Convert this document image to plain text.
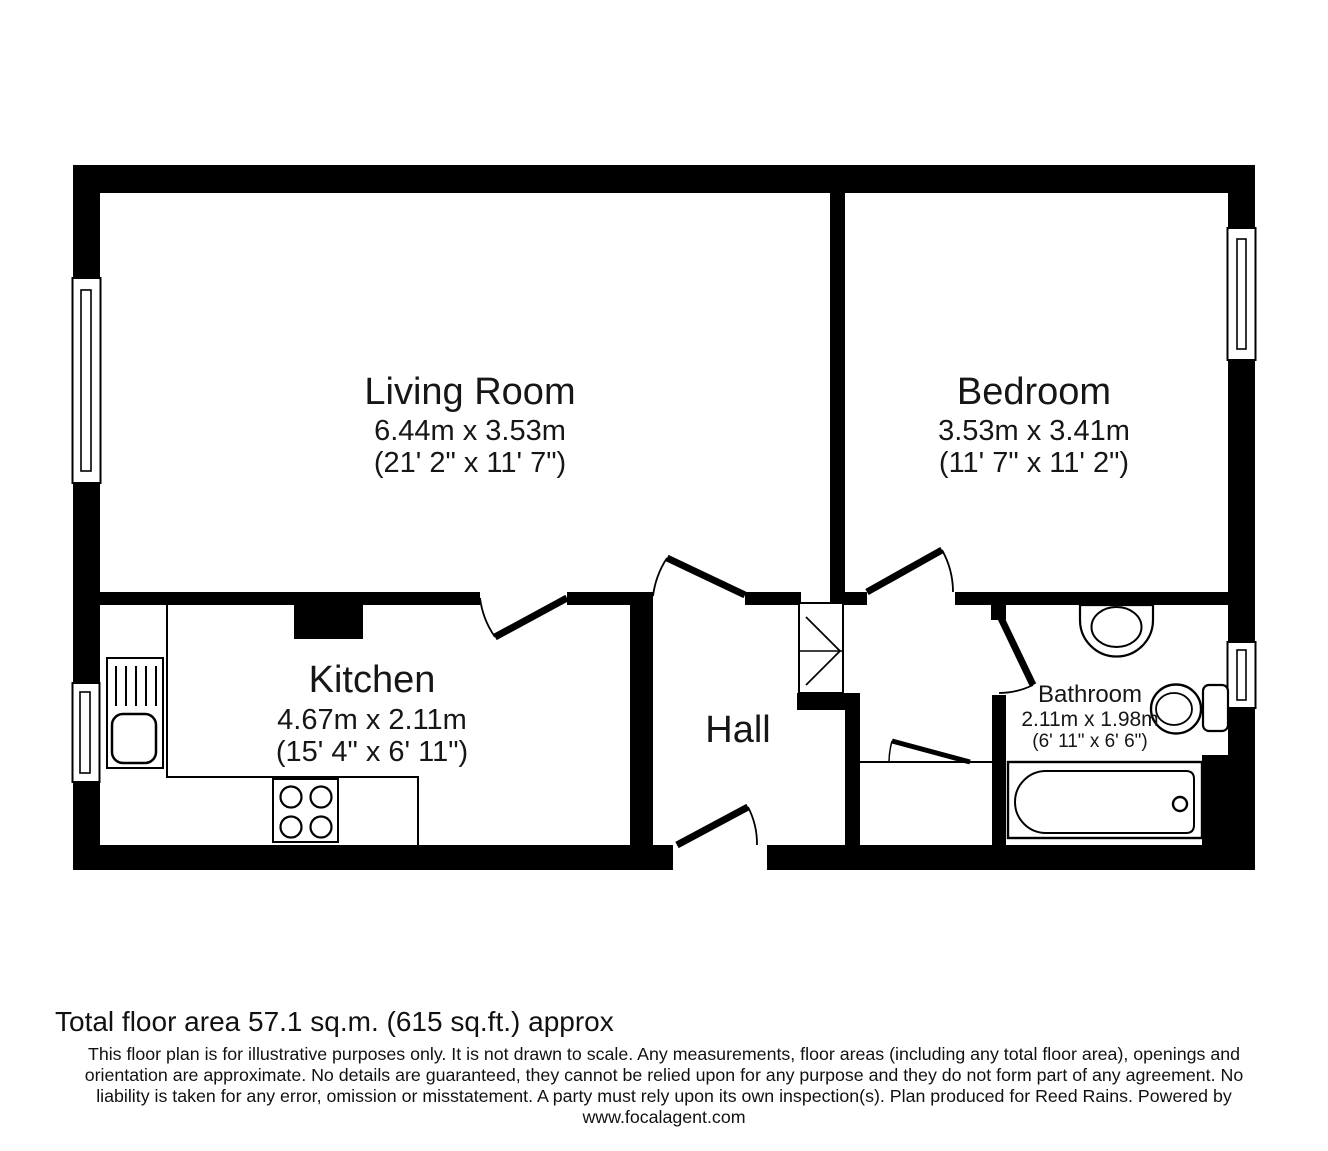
Living Room
6.44m x 3.53m
(21' 2" x 11' 7")
Bedroom
3.53m x 3.41m
(11' 7" x 11' 2")
Kitchen
4.67m x 2.11m
(15' 4" x 6' 11")
Hall
Bathroom
2.11m x 1.98m
(6' 11" x 6' 6")
Total floor area 57.1 sq.m. (615 sq.ft.) approx
This floor plan is for illustrative purposes only. It is not drawn to scale. Any measurements, floor areas (including any total floor area), openings and
orientation are approximate. No details are guaranteed, they cannot be relied upon for any purpose and they do not form part of any agreement. No
liability is taken for any error, omission or misstatement. A party must rely upon its own inspection(s). Plan produced for Reed Rains. Powered by
www.focalagent.com
